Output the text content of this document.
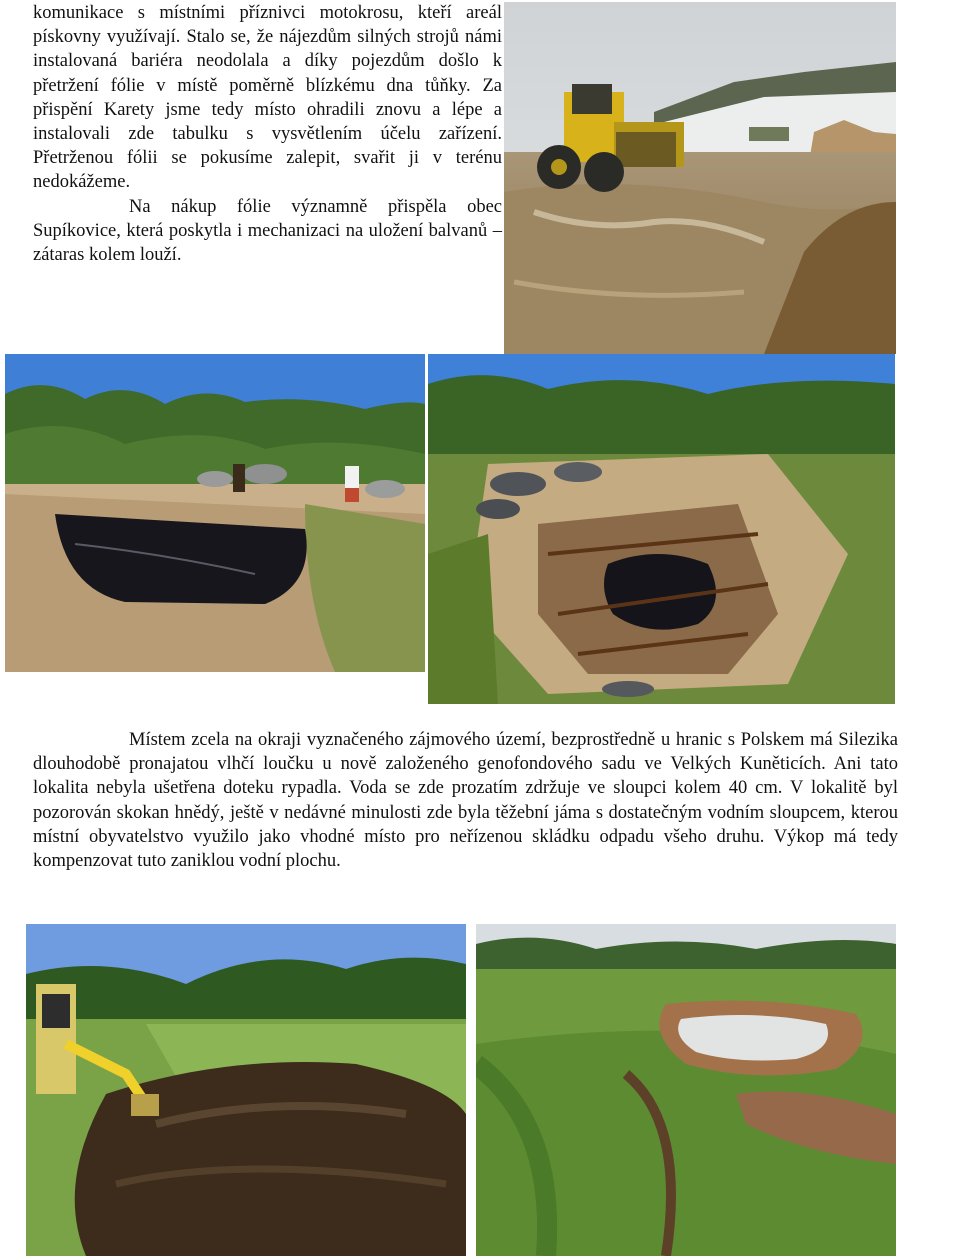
komunikace s místními příznivci motokrosu, kteří areál pískovny využívají. Stalo se, že nájezdům silných strojů námi instalovaná bariéra neodolala a díky pojezdům došlo k přetržení fólie v místě poměrně blízkému dna tůňky. Za přispění Karety jsme tedy místo ohradili znovu a lépe a instalovali zde tabulku s vysvětlením účelu zařízení. Přetrženou fólii se pokusíme zalepit, svařit ji v terénu nedokážeme.
Na nákup fólie významně přispěla obec Supíkovice, která poskytla i mechanizaci na uložení balvanů – zátaras kolem louží.

Místem zcela na okraji vyznačeného zájmového území, bezprostředně u hranic s Polskem má Silezika dlouhodobě pronajatou vlhčí loučku u nově založeného genofondového sadu ve Velkých Kuněticích. Ani tato lokalita nebyla ušetřena doteku rypadla. Voda se zde prozatím zdržuje ve sloupci kolem 40 cm. V lokalitě byl pozorován skokan hnědý, ještě v nedávné minulosti zde byla těžební jáma s dostatečným vodním sloupcem, kterou místní obyvatelstvo využilo jako vhodné místo pro neřízenou skládku odpadu všeho druhu. Výkop má tedy kompenzovat tuto zaniklou vodní plochu.
